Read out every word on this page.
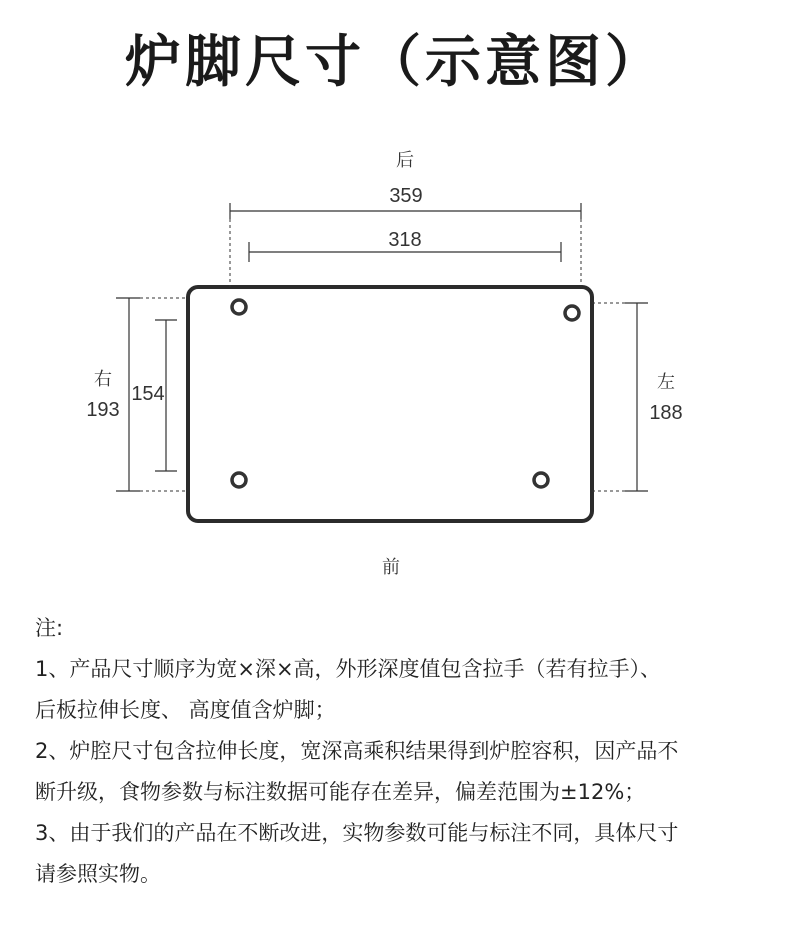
炉脚尺寸（示意图）
后
359
318
右
193
154
左
188
前
注:
1、产品尺寸顺序为宽×深×高，外形深度值包含拉手（若有拉手）、
后板拉伸长度、 高度值含炉脚；
2、炉腔尺寸包含拉伸长度，宽深高乘积结果得到炉腔容积，因产品不
断升级，食物参数与标注数据可能存在差异，偏差范围为±12%；
3、由于我们的产品在不断改进，实物参数可能与标注不同，具体尺寸
请参照实物。
